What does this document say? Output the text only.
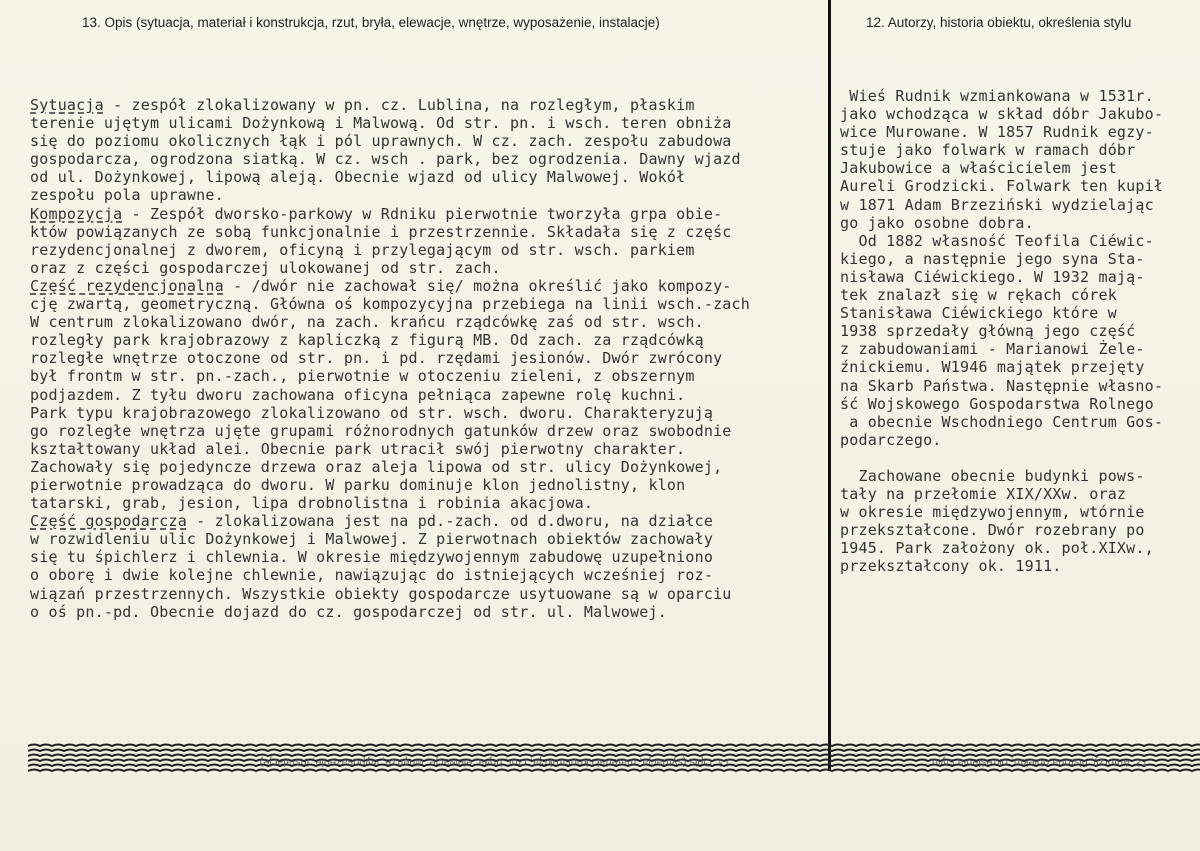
13. Opis (sytuacja, materiał i konstrukcja, rzut, bryła, elewacje, wnętrze, wyposażenie, instalacje)	12. Autorzy, historia obiektu, określenia stylu
Sytuacja - zespół zlokalizowany w pn. cz. Lublina, na rozległym, płaskim
terenie ujętym ulicami Dożynkową i Malwową. Od str. pn. i wsch. teren obniża
się do poziomu okolicznych łąk i pól uprawnych. W cz. zach. zespołu zabudowa
gospodarcza, ogrodzona siatką. W cz. wsch . park, bez ogrodzenia. Dawny wjazd
od ul. Dożynkowej, lipową aleją. Obecnie wjazd od ulicy Malwowej. Wokół
zespołu pola uprawne.
Kompozycja - Zespół dworsko-parkowy w Rdniku pierwotnie tworzyła grpa obie-
któw powiązanych ze sobą funkcjonalnie i przestrzennie. Składała się z częśc
rezydencjonalnej z dworem, oficyną i przylegającym od str. wsch. parkiem
oraz z części gospodarczej ulokowanej od str. zach.
Część rezydencjonalna - /dwór nie zachował się/ można określić jako kompozy-
cję zwartą, geometryczną. Główna oś kompozycyjna przebiega na linii wsch.-zach
W centrum zlokalizowano dwór, na zach. krańcu rządcówkę zaś od str. wsch.
rozległy park krajobrazowy z kapliczką z figurą MB. Od zach. za rządcówką
rozległe wnętrze otoczone od str. pn. i pd. rzędami jesionów. Dwór zwrócony
był frontm w str. pn.-zach., pierwotnie w otoczeniu zieleni, z obszernym
podjazdem. Z tyłu dworu zachowana oficyna pełniąca zapewne rolę kuchni.
Park typu krajobrazowego zlokalizowano od str. wsch. dworu. Charakteryzują
go rozległe wnętrza ujęte grupami różnorodnych gatunków drzew oraz swobodnie
kształtowany układ alei. Obecnie park utracił swój pierwotny charakter.
Zachowały się pojedyncze drzewa oraz aleja lipowa od str. ulicy Dożynkowej,
pierwotnie prowadząca do dworu. W parku dominuje klon jednolistny, klon
tatarski, grab, jesion, lipa drobnolistna i robinia akacjowa.
Część gospodarcza - zlokalizowana jest na pd.-zach. od d.dworu, na działce
w rozwidleniu ulic Dożynkowej i Malwowej. Z pierwotnach obiektów zachowały
się tu śpichlerz i chlewnia. W okresie międzywojennym zabudowę uzupełniono
o oborę i dwie kolejne chlewnie, nawiązując do istniejących wcześniej roz-
wiązań przestrzennych. Wszystkie obiekty gospodarcze usytuowane są w oparciu
o oś pn.-pd. Obecnie dojazd do cz. gospodarczej od str. ul. Malwowej.
Wieś Rudnik wzmiankowana w 1531r.
jako wchodząca w skład dóbr Jakubo-
wice Murowane. W 1857 Rudnik egzy-
stuje jako folwark w ramach dóbr
Jakubowice a właścicielem jest
Aureli Grodzicki. Folwark ten kupił
w 1871 Adam Brzeziński wydzielając
go jako osobne dobra.
Od 1882 własność Teofila Ciéwic-
kiego, a następnie jego syna Sta-
nisława Ciéwickiego. W 1932 mają-
tek znalazł się w rękach córek
Stanisława Ciéwickiego które w
1938 sprzedały główną jego część
z zabudowaniami - Marianowi Żele-
źnickiemu. W1946 majątek przejęty
na Skarb Państwa. Następnie własno-
ść Wojskowego Gospodarstwa Rolnego
a obecnie Wschodniego Centrum Gos-
podarczego.
Zachowane obecnie budynki pows-
tały na przełomie XIX/XXw. oraz
w okresie międzywojennym, wtórnie
przekształcone. Dwór rozebrany po
1945. Park założony ok. poł.XIXw.,
przekształcony ok. 1911.
13. Opis (sytuacja, materiał i konstrukcja, rzut, bryła, elewacje, wnętrze, wyposażenie, instalacje)	12. Autorzy, historia obiektu, określenia stylu
